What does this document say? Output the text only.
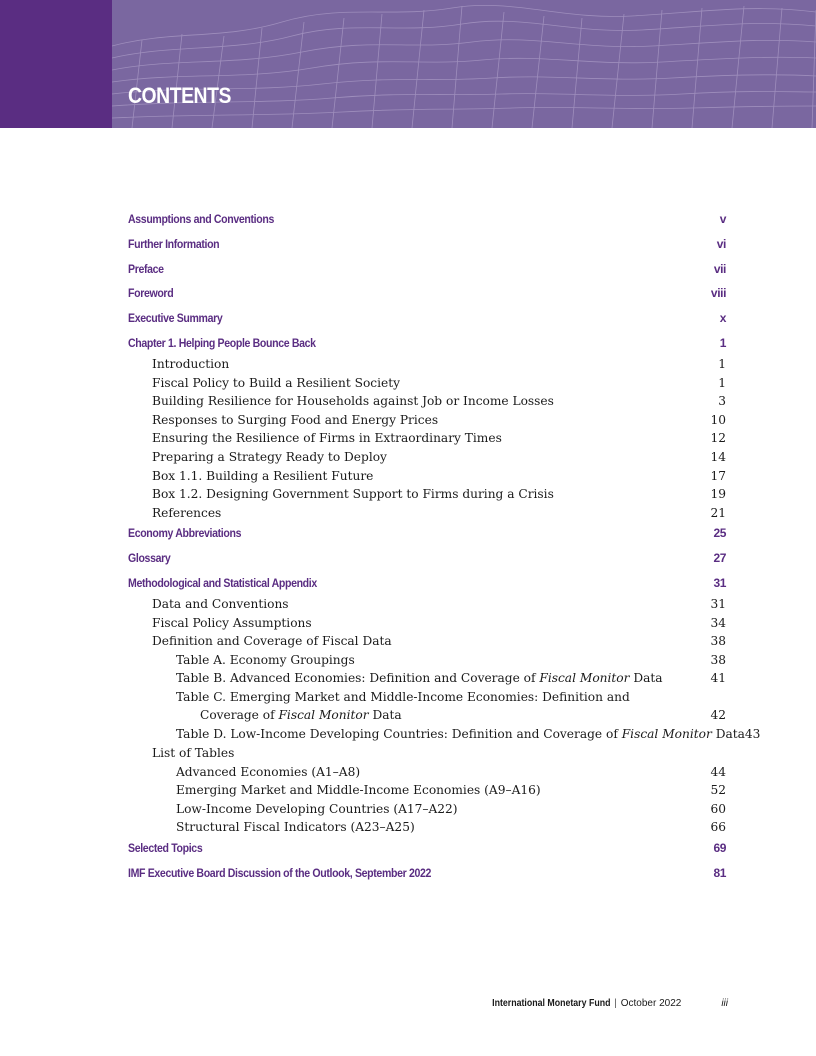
CONTENTS
Assumptions and Conventions	v
Further Information	vi
Preface	vii
Foreword	viii
Executive Summary	x
Chapter 1. Helping People Bounce Back	1
Introduction	1
Fiscal Policy to Build a Resilient Society	1
Building Resilience for Households against Job or Income Losses	3
Responses to Surging Food and Energy Prices	10
Ensuring the Resilience of Firms in Extraordinary Times	12
Preparing a Strategy Ready to Deploy	14
Box 1.1. Building a Resilient Future	17
Box 1.2. Designing Government Support to Firms during a Crisis	19
References	21
Economy Abbreviations	25
Glossary	27
Methodological and Statistical Appendix	31
Data and Conventions	31
Fiscal Policy Assumptions	34
Definition and Coverage of Fiscal Data	38
Table A. Economy Groupings	38
Table B. Advanced Economies: Definition and Coverage of Fiscal Monitor Data	41
Table C. Emerging Market and Middle-Income Economies: Definition and
Coverage of Fiscal Monitor Data	42
Table D. Low-Income Developing Countries: Definition and Coverage of Fiscal Monitor Data 43
List of Tables
Advanced Economies (A1–A8)	44
Emerging Market and Middle-Income Economies (A9–A16)	52
Low-Income Developing Countries (A17–A22)	60
Structural Fiscal Indicators (A23–A25)	66
Selected Topics	69
IMF Executive Board Discussion of the Outlook, September 2022	81
International Monetary Fund | October 2022	iii
